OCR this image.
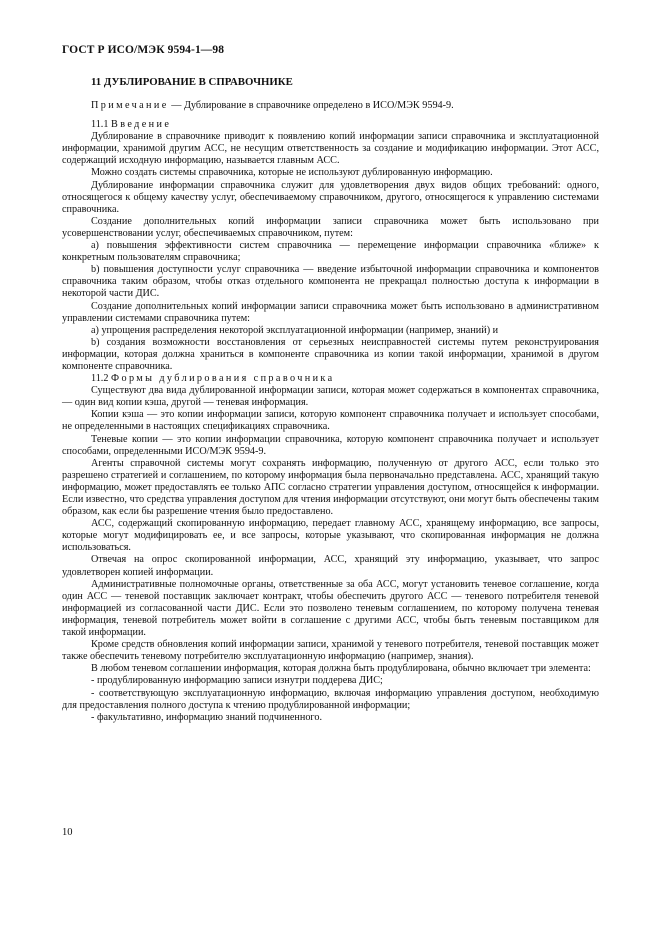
ГОСТ Р ИСО/МЭК 9594-1—98
11 ДУБЛИРОВАНИЕ В СПРАВОЧНИКЕ

Примечание — Дублирование в справочнике определено в ИСО/МЭК 9594-9.

11.1 Введение

Дублирование в справочнике приводит к появлению копий информации записи справочника и эксплуатационной информации, хранимой другим АСС, не несущим ответственность за создание и модификацию информации. Этот АСС, содержащий исходную информацию, называется главным АСС.

Можно создать системы справочника, которые не используют дублированную информацию.

Дублирование информации справочника служит для удовлетворения двух видов общих требований: одного, относящегося к общему качеству услуг, обеспечиваемому справочником, другого, относящегося к управлению системами справочника.

Создание дополнительных копий информации записи справочника может быть использовано при усовершенствовании услуг, обеспечиваемых справочником, путем:

a) повышения эффективности систем справочника — перемещение информации справочника «ближе» к конкретным пользователям справочника;

b) повышения доступности услуг справочника — введение избыточной информации справочника и компонентов справочника таким образом, чтобы отказ отдельного компонента не прекращал полностью доступа к информации в некоторой части ДИС.

Создание дополнительных копий информации записи справочника может быть использовано в административном управлении системами справочника путем:

a) упрощения распределения некоторой эксплуатационной информации (например, знаний) и

b) создания возможности восстановления от серьезных неисправностей системы путем реконструирования информации, которая должна храниться в компоненте справочника из копии такой информации, хранимой в другом компоненте справочника.

11.2 Формы дублирования справочника

Существуют два вида дублированной информации записи, которая может содержаться в компонентах справочника, — один вид копии кэша, другой — теневая информация.

Копии кэша — это копии информации записи, которую компонент справочника получает и использует способами, не определенными в настоящих спецификациях справочника.

Теневые копии — это копии информации справочника, которую компонент справочника получает и использует способами, определенными ИСО/МЭК 9594-9.

Агенты справочной системы могут сохранять информацию, полученную от другого АСС, если только это разрешено стратегией и соглашением, по которому информация была первоначально представлена. АСС, хранящий такую информацию, может предоставлять ее только АПС согласно стратегии управления доступом, относящейся к информации. Если известно, что средства управления доступом для чтения информации отсутствуют, они могут быть обеспечены таким образом, как если бы разрешение чтения было предоставлено.

АСС, содержащий скопированную информацию, передает главному АСС, хранящему информацию, все запросы, которые могут модифицировать ее, и все запросы, которые указывают, что скопированная информация не должна использоваться.

Отвечая на опрос скопированной информации, АСС, хранящий эту информацию, указывает, что запрос удовлетворен копией информации.

Административные полномочные органы, ответственные за оба АСС, могут установить теневое соглашение, когда один АСС — теневой поставщик заключает контракт, чтобы обеспечить другого АСС — теневого потребителя теневой информацией из согласованной части ДИС. Если это позволено теневым соглашением, по которому получена теневая информация, теневой потребитель может войти в соглашение с другими АСС, чтобы быть теневым поставщиком для такой информации.

Кроме средств обновления копий информации записи, хранимой у теневого потребителя, теневой поставщик может также обеспечить теневому потребителю эксплуатационную информацию (например, знания).

В любом теневом соглашении информация, которая должна быть продублирована, обычно включает три элемента:

- продублированную информацию записи изнутри поддерева ДИС;

- соответствующую эксплуатационную информацию, включая информацию управления доступом, необходимую для предоставления полного доступа к чтению продублированной информации;

- факультативно, информацию знаний подчиненного.

10
